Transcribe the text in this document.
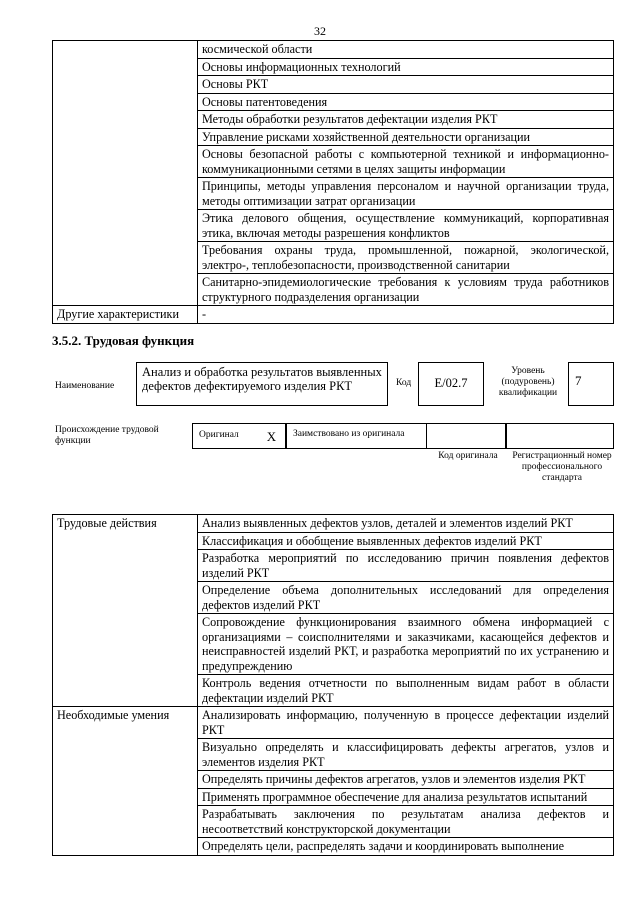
32
	космической области
	Основы информационных технологий
	Основы РКТ
	Основы патентоведения
	Методы обработки результатов дефектации изделия РКТ
	Управление рисками хозяйственной деятельности организации
	Основы безопасной работы с компьютерной техникой и информационно-коммуникационными сетями в целях защиты информации
	Принципы, методы управления персоналом и научной организации труда, методы оптимизации затрат организации
	Этика делового общения, осуществление коммуникаций, корпоративная этика, включая методы разрешения конфликтов
	Требования охраны труда, промышленной, пожарной, экологической, электро-, теплобезопасности, производственной санитарии
	Санитарно-эпидемиологические требования к условиям труда работников структурного подразделения организации
Другие характеристики	-
3.5.2. Трудовая функция
Наименование
Анализ и обработка результатов выявленных дефектов дефектируемого изделия РКТ	Код	Е/02.7
Уровень (подуровень) квалификации
7
Происхождение трудовой функции
Оригинал	X	Заимствовано из оригинала
Код оригинала	Регистрационный номер профессионального стандарта
Трудовые действия	Анализ выявленных дефектов узлов, деталей и элементов изделий РКТ
	Классификация и обобщение выявленных дефектов изделий РКТ
	Разработка мероприятий по исследованию причин появления дефектов изделий РКТ
	Определение объема дополнительных исследований для определения дефектов изделий РКТ
	Сопровождение функционирования взаимного обмена информацией с организациями – соисполнителями и заказчиками, касающейся дефектов и неисправностей изделий РКТ, и разработка мероприятий по их устранению и предупреждению
	Контроль ведения отчетности по выполненным видам работ в области дефектации изделий РКТ
Необходимые умения	Анализировать информацию, полученную в процессе дефектации изделий РКТ
	Визуально определять и классифицировать дефекты агрегатов, узлов и элементов изделия РКТ
	Определять причины дефектов агрегатов, узлов и элементов изделия РКТ
	Применять программное обеспечение для анализа результатов испытаний
	Разрабатывать заключения по результатам анализа дефектов и несоответствий конструкторской документации
	Определять цели, распределять задачи и координировать выполнение
